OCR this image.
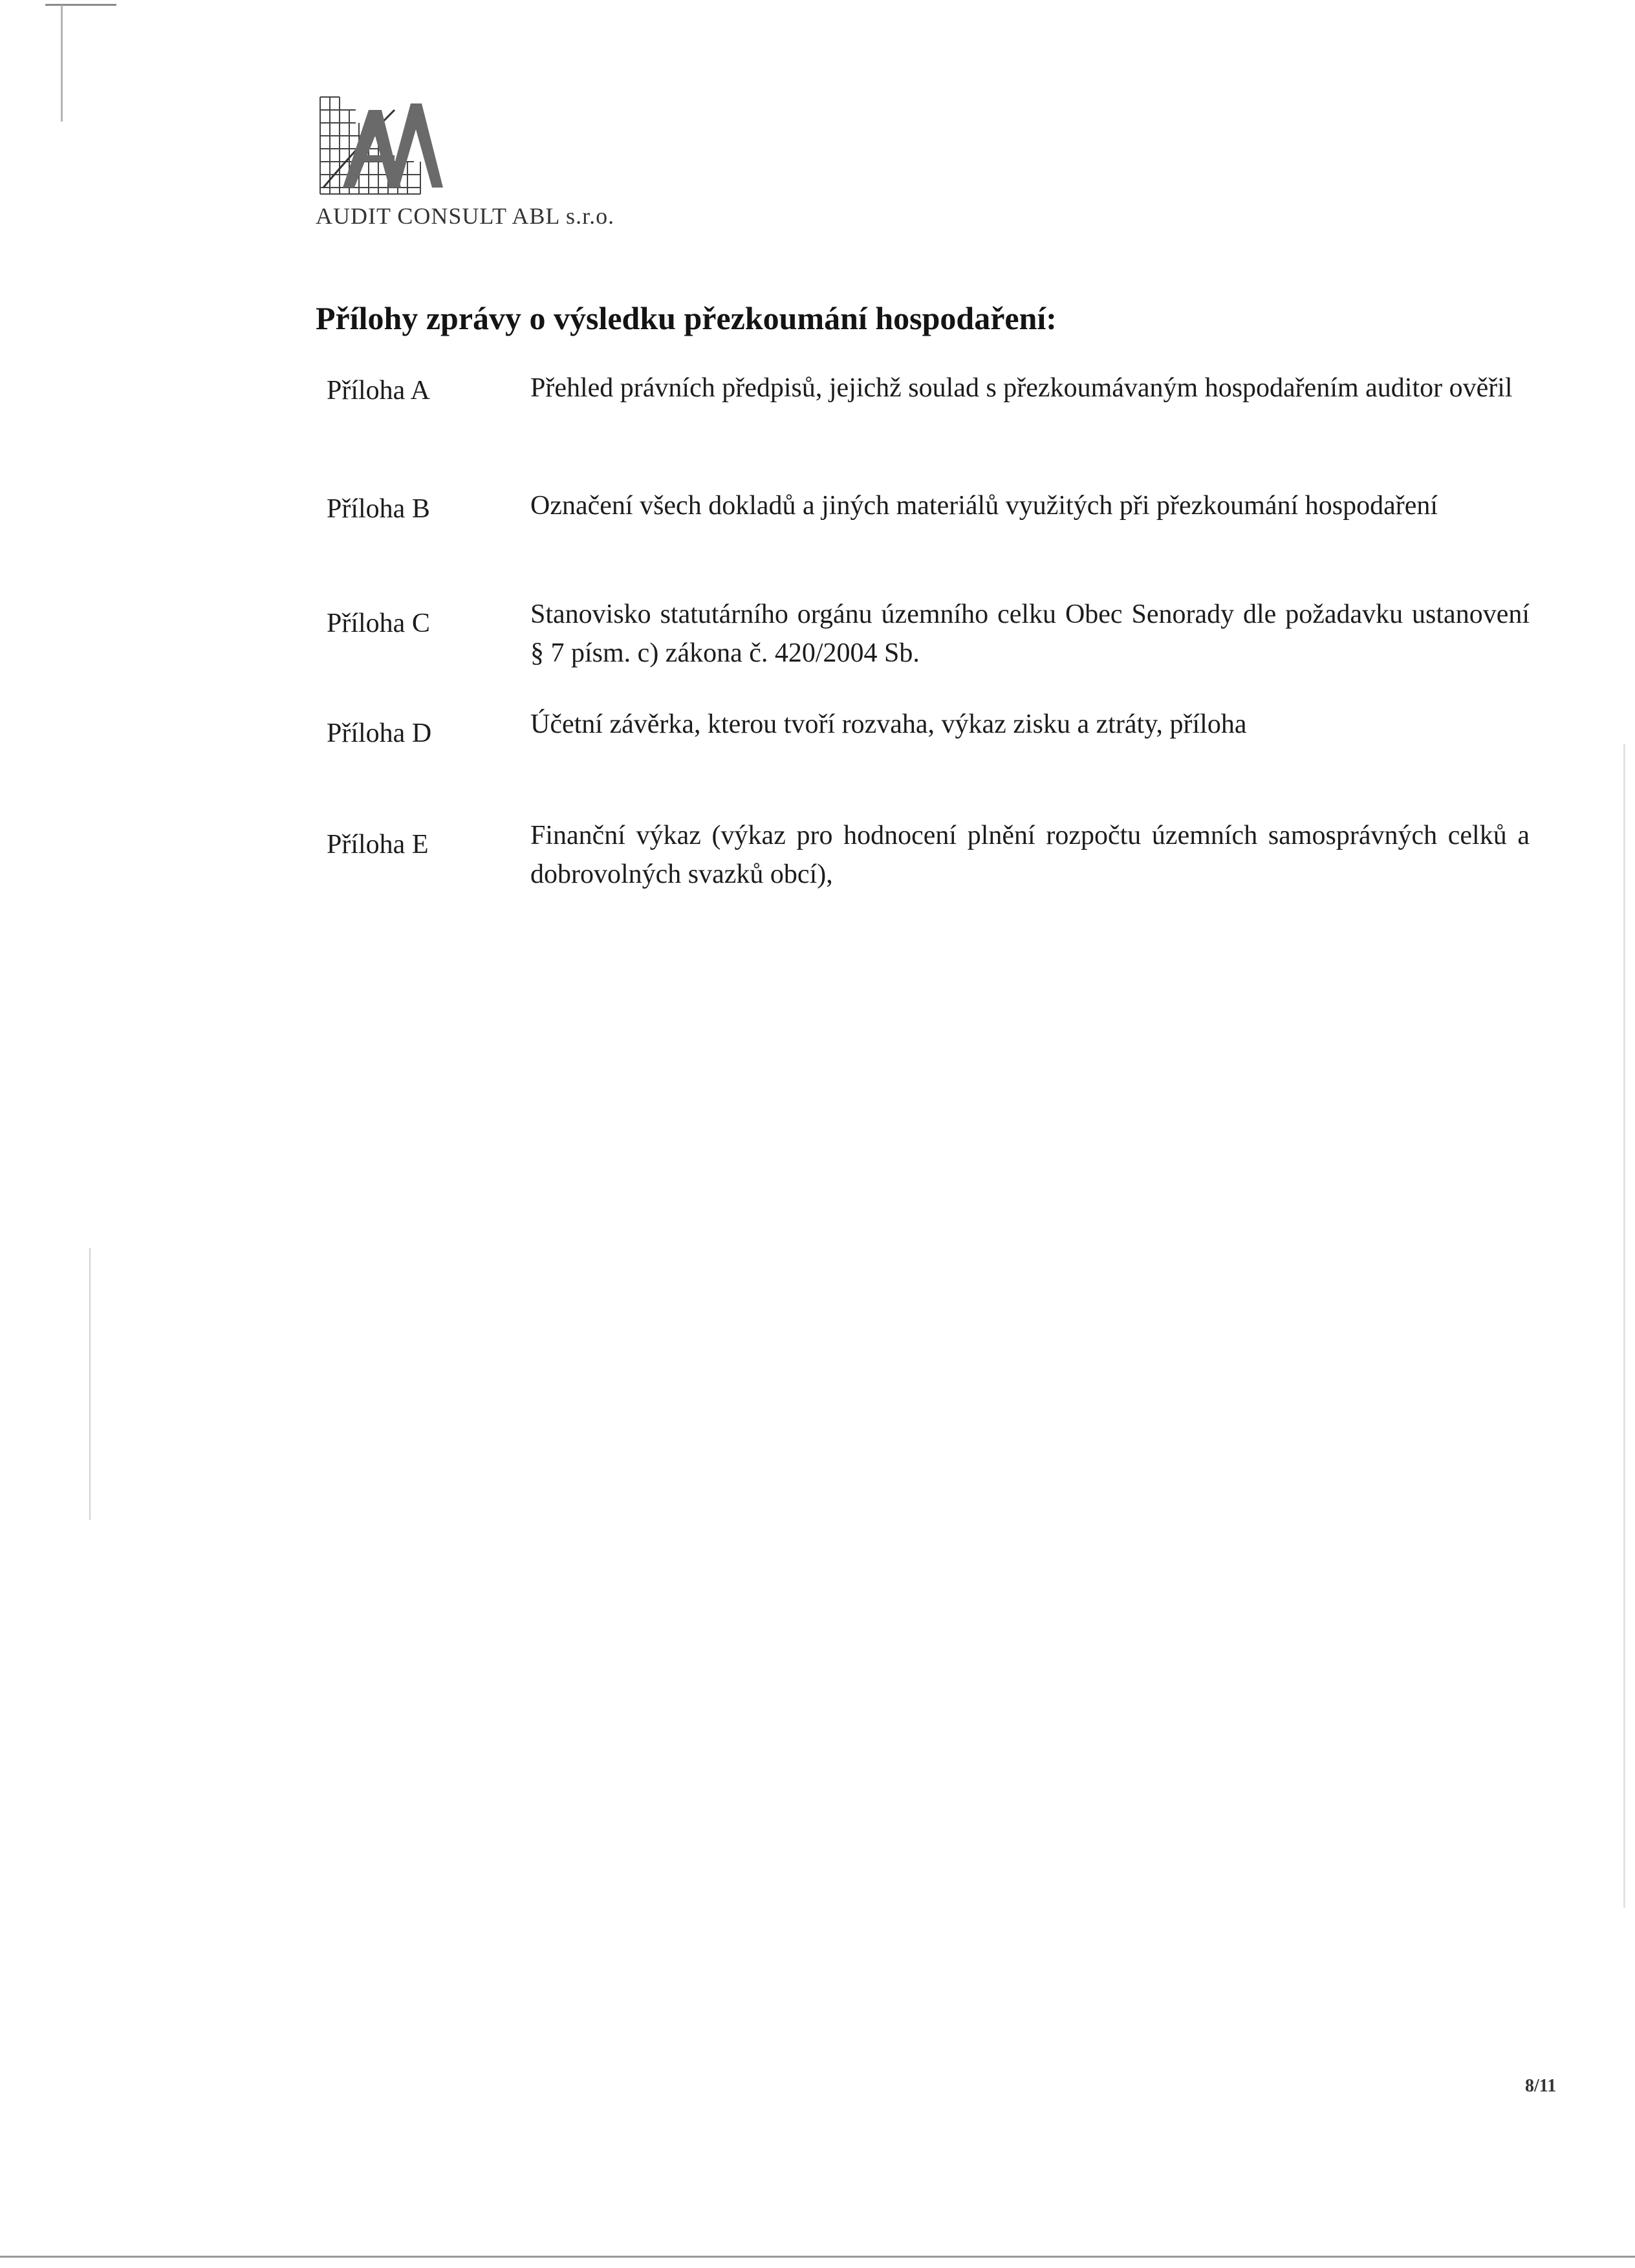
AUDIT CONSULT ABL s.r.o.
Přílohy zprávy o výsledku přezkoumání hospodaření:
Příloha A	Přehled právních předpisů, jejichž soulad s přezkoumávaným hospodařením auditor ověřil
Příloha B	Označení všech dokladů a jiných materiálů využitých při přezkoumání hospodaření
Příloha C	Stanovisko statutárního orgánu územního celku Obec Senorady dle požadavku ustanovení § 7 písm. c) zákona č. 420/2004 Sb.
Příloha D	Účetní závěrka, kterou tvoří rozvaha, výkaz zisku a ztráty, příloha
Příloha E	Finanční výkaz (výkaz pro hodnocení plnění rozpočtu územních samosprávných celků a dobrovolných svazků obcí),
8/11
